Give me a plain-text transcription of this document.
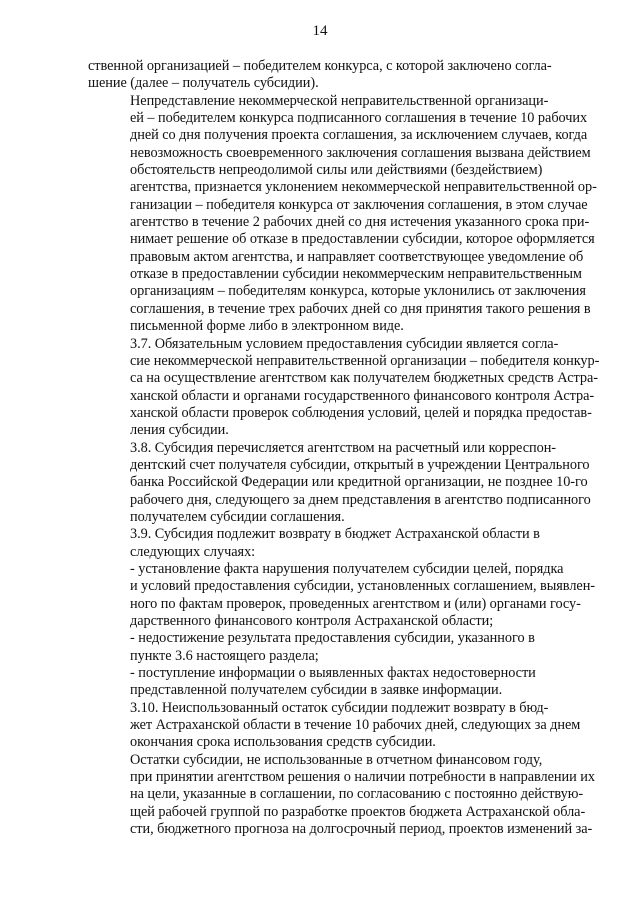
14

ственной организацией – победителем конкурса, с которой заключено согла-
шение (далее – получатель субсидии).

Непредставление некоммерческой неправительственной организаци-
ей – победителем конкурса подписанного соглашения в течение 10 рабочих
дней со дня получения проекта соглашения, за исключением случаев, когда
невозможность своевременного заключения соглашения вызвана действием
обстоятельств непреодолимой силы или действиями (бездействием)
агентства, признается уклонением некоммерческой неправительственной ор-
ганизации – победителя конкурса от заключения соглашения, в этом случае
агентство в течение 2 рабочих дней со дня истечения указанного срока при-
нимает решение об отказе в предоставлении субсидии, которое оформляется
правовым актом агентства, и направляет соответствующее уведомление об
отказе в предоставлении субсидии некоммерческим неправительственным
организациям – победителям конкурса, которые уклонились от заключения
соглашения, в течение трех рабочих дней со дня принятия такого решения в
письменной форме либо в электронном виде.

3.7. Обязательным условием предоставления субсидии является согла-
сие некоммерческой неправительственной организации – победителя конкур-
са на осуществление агентством как получателем бюджетных средств Астра-
ханской области и органами государственного финансового контроля Астра-
ханской области проверок соблюдения условий, целей и порядка предостав-
ления субсидии.

3.8. Субсидия перечисляется агентством на расчетный или корреспон-
дентский счет получателя субсидии, открытый в учреждении Центрального
банка Российской Федерации или кредитной организации, не позднее 10-го
рабочего дня, следующего за днем представления в агентство подписанного
получателем субсидии соглашения.

3.9. Субсидия подлежит возврату в бюджет Астраханской области в
следующих случаях:

- установление факта нарушения получателем субсидии целей, порядка
и условий предоставления субсидии, установленных соглашением, выявлен-
ного по фактам проверок, проведенных агентством и (или) органами госу-
дарственного финансового контроля Астраханской области;

- недостижение результата предоставления субсидии, указанного в
пункте 3.6 настоящего раздела;

- поступление информации о выявленных фактах недостоверности
представленной получателем субсидии в заявке информации.

3.10. Неиспользованный остаток субсидии подлежит возврату в бюд-
жет Астраханской области в течение 10 рабочих дней, следующих за днем
окончания срока использования средств субсидии.

Остатки субсидии, не использованные в отчетном финансовом году,
при принятии агентством решения о наличии потребности в направлении их
на цели, указанные в соглашении, по согласованию с постоянно действую-
щей рабочей группой по разработке проектов бюджета Астраханской обла-
сти, бюджетного прогноза на долгосрочный период, проектов изменений за-
